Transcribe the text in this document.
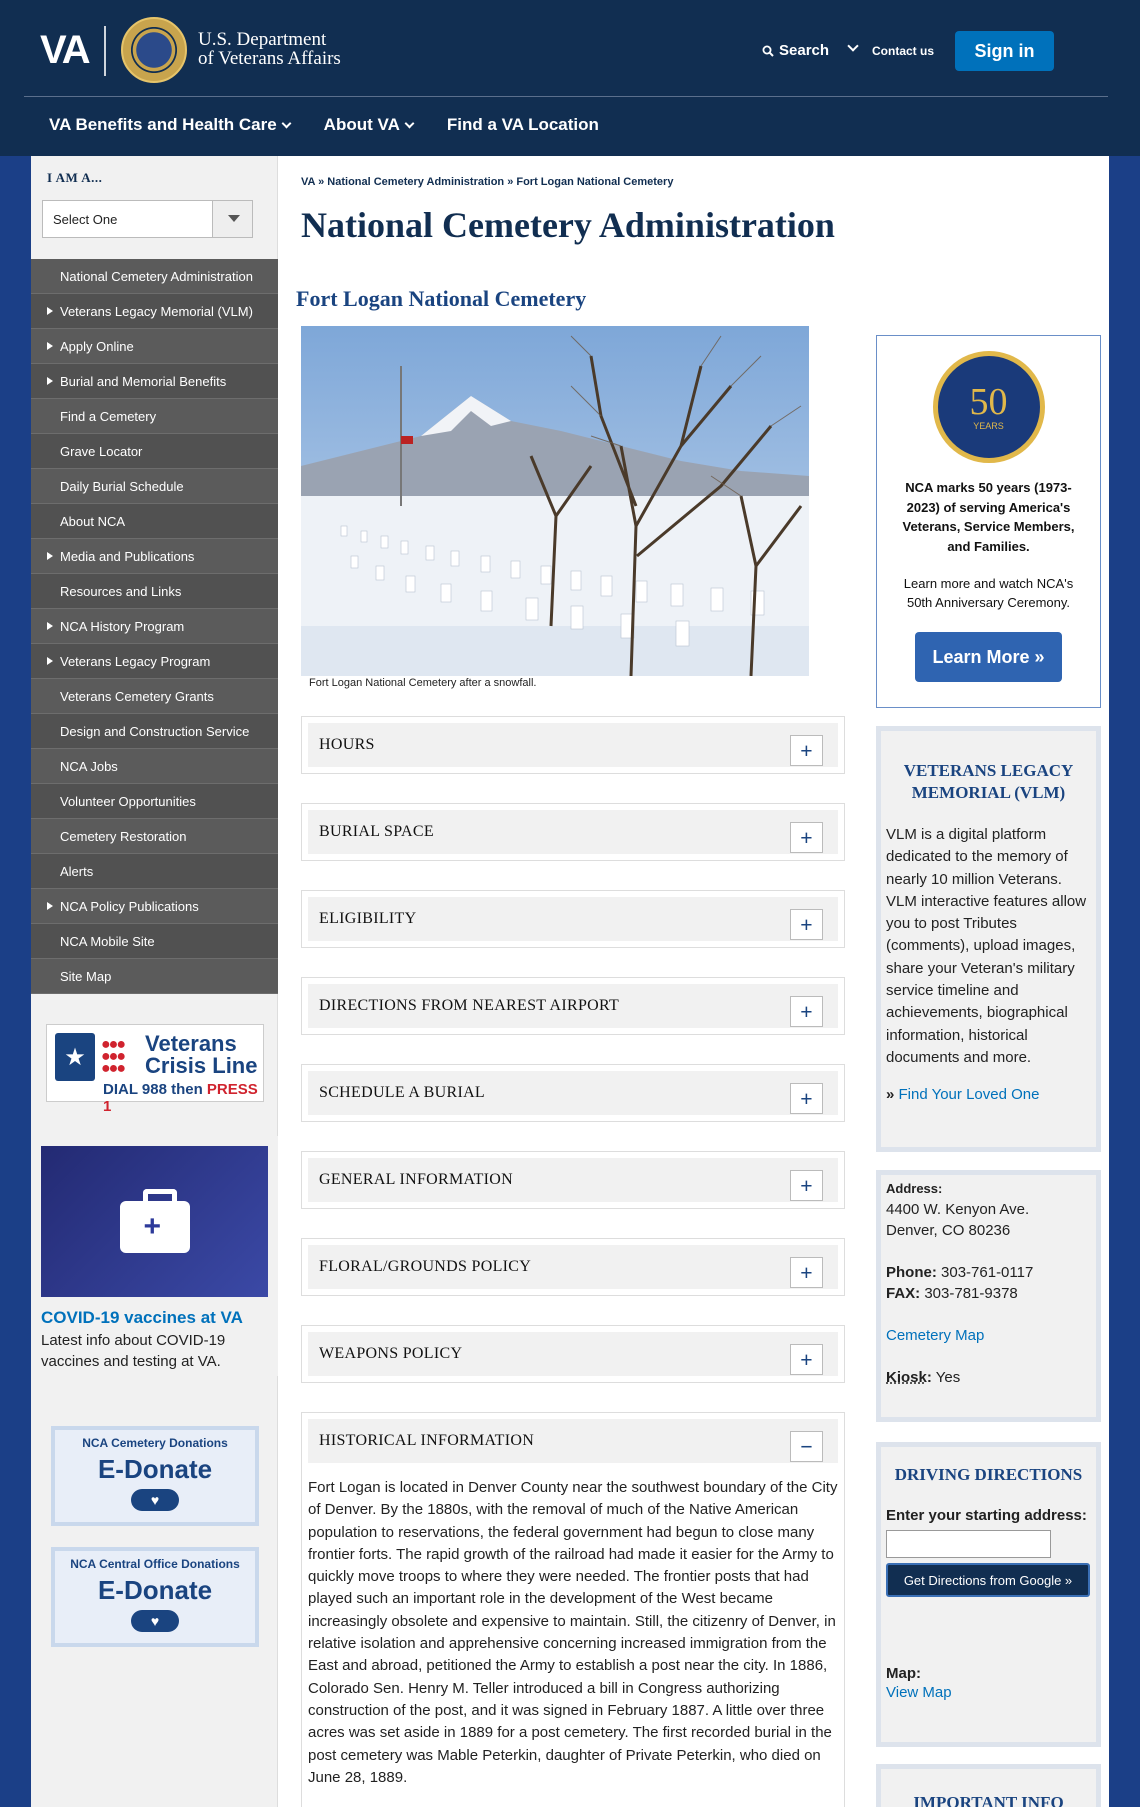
VA	U.S. Department
of Veterans Affairs	Search	Contact us	Sign in
VA Benefits and Health Care	About VA	Find a VA Location
I AM A...
Select One
National Cemetery Administration
Veterans Legacy Memorial (VLM)
Apply Online
Burial and Memorial Benefits
Find a Cemetery
Grave Locator
Daily Burial Schedule
About NCA
Media and Publications
Resources and Links
NCA History Program
Veterans Legacy Program
Veterans Cemetery Grants
Design and Construction Service
NCA Jobs
Volunteer Opportunities
Cemetery Restoration
Alerts
NCA Policy Publications
NCA Mobile Site
Site Map
★ ●●●
●●●
●●●
Veterans
Crisis Line
DIAL 988 then PRESS 1
+
COVID-19 vaccines at VA
Latest info about COVID-19 vaccines and testing at VA.
NCA Cemetery Donations
E-Donate
♥
NCA Central Office Donations
E-Donate
♥
VA » National Cemetery Administration » Fort Logan National Cemetery
National Cemetery Administration
Fort Logan National Cemetery
Fort Logan National Cemetery after a snowfall.
HOURS	+
BURIAL SPACE	+
ELIGIBILITY	+
DIRECTIONS FROM NEAREST AIRPORT	+
SCHEDULE A BURIAL	+
GENERAL INFORMATION	+
FLORAL/GROUNDS POLICY	+
WEAPONS POLICY	+
HISTORICAL INFORMATION	−
Fort Logan is located in Denver County near the southwest boundary of the City of Denver. By the 1880s, with the removal of much of the Native American population to reservations, the federal government had begun to close many frontier forts. The rapid growth of the railroad had made it easier for the Army to quickly move troops to where they were needed. The frontier posts that had played such an important role in the development of the West became increasingly obsolete and expensive to maintain. Still, the citizenry of Denver, in relative isolation and apprehensive concerning increased immigration from the East and abroad, petitioned the Army to establish a post near the city. In 1886, Colorado Sen. Henry M. Teller introduced a bill in Congress authorizing construction of the post, and it was signed in February 1887. A little over three acres was set aside in 1889 for a post cemetery. The first recorded burial in the post cemetery was Mable Peterkin, daughter of Private Peterkin, who died on June 28, 1889.
50
YEARS
NCA marks 50 years (1973-2023) of serving America's Veterans, Service Members, and Families.
Learn more and watch NCA's 50th Anniversary Ceremony.
Learn More »
VETERANS LEGACY MEMORIAL (VLM)
VLM is a digital platform dedicated to the memory of nearly 10 million Veterans. VLM interactive features allow you to post Tributes (comments), upload images, share your Veteran's military service timeline and achievements, biographical information, historical documents and more.
» Find Your Loved One
Address:
4400 W. Kenyon Ave.
Denver, CO 80236
Phone: 303-761-0117
FAX: 303-781-9378
Cemetery Map
Kiosk: Yes
DRIVING DIRECTIONS
Enter your starting address:
Get Directions from Google »
Map:
View Map
IMPORTANT INFO
